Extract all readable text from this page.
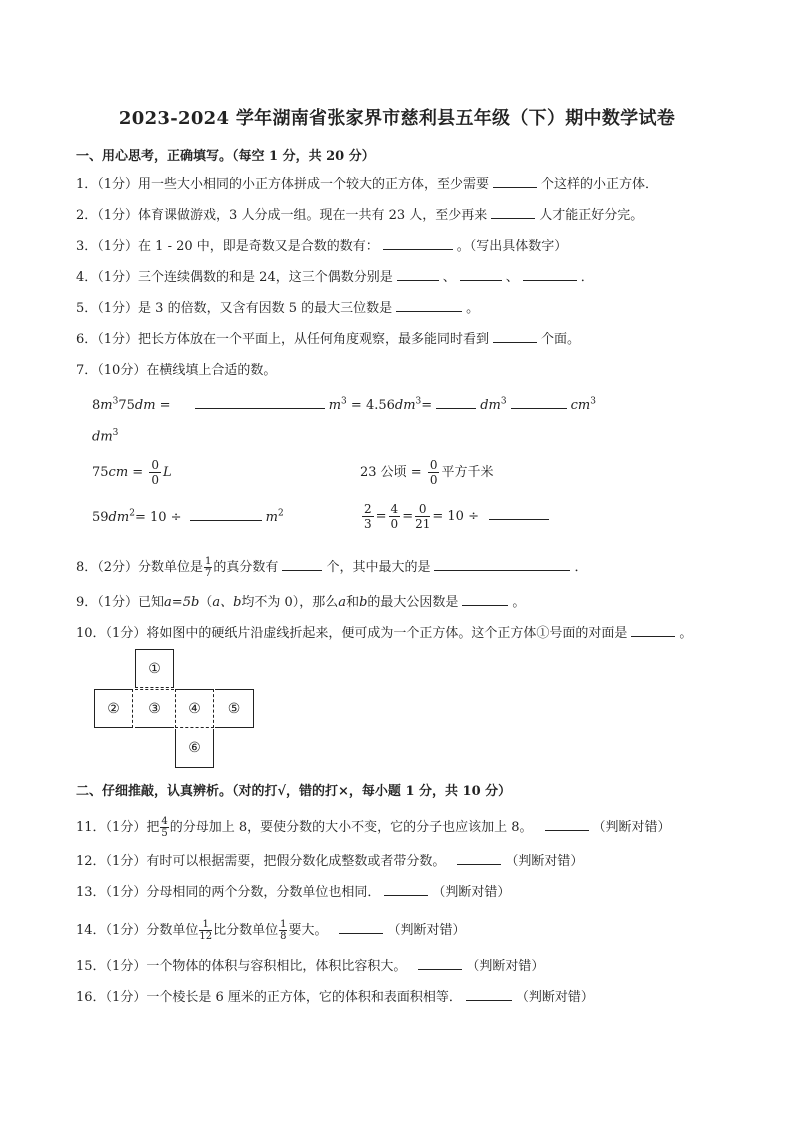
2023-2024 学年湖南省张家界市慈利县五年级（下）期中数学试卷
一、用心思考，正确填写。（每空 1 分，共 20 分）
1．（1分）用一些大小相同的小正方体拼成一个较大的正方体，至少需要	个这样的小正方体．
2．（1分）体育课做游戏，3 人分成一组。现在一共有 23 人，至少再来	人才能正好分完。
3．（1分）在 1 - 20 中，即是奇数又是合数的数有：	。（写出具体数字）
4．（1分）三个连续偶数的和是 24，这三个偶数分别是	、	、	．
5．（1分）是 3 的倍数，又含有因数 5 的最大三位数是	。
6．（1分）把长方体放在一个平面上，从任何角度观察，最多能同时看到	个面。
7．（10分）在横线填上合适的数。
$8m^375dm$ =	$m^3 = 4.56dm^3=$	$dm^3$	$cm^3$
$dm^3$
$75cm = \frac{0}{0}$ L	23 公顷 = $\frac{0}{0}$ 平方千米
$59dm^2= 10$ ÷	$m^2$	$\frac{2}{3} = \frac{4}{0} = \frac{0}{21} = 10$ ÷
8．（2分）分数单位是 $\frac{1}{7}$ 的真分数有	个，其中最大的是	．
9．（1分）已知a=5b（a、b均不为 0），那么a和b的最大公因数是	。
10．（1分）将如图中的硬纸片沿虚线折起来，便可成为一个正方体。这个正方体①号面的对面是	。
①
②	③	④	⑤
⑥
二、仔细推敲，认真辨析。（对的打√，错的打×，每小题 1 分，共 10 分）
11．（1分）把 $\frac{4}{5}$ 的分母加上 8，要使分数的大小不变，它的分子也应该加上 8。	（判断对错）
12．（1分）有时可以根据需要，把假分数化成整数或者带分数。	（判断对错）
13．（1分）分母相同的两个分数，分数单位也相同．	（判断对错）
14．（1分）分数单位 $\frac{1}{12}$ 比分数单位 $\frac{1}{8}$ 要大。	（判断对错）
15．（1分）一个物体的体积与容积相比，体积比容积大。	（判断对错）
16．（1分）一个棱长是 6 厘米的正方体，它的体积和表面积相等．	（判断对错）
